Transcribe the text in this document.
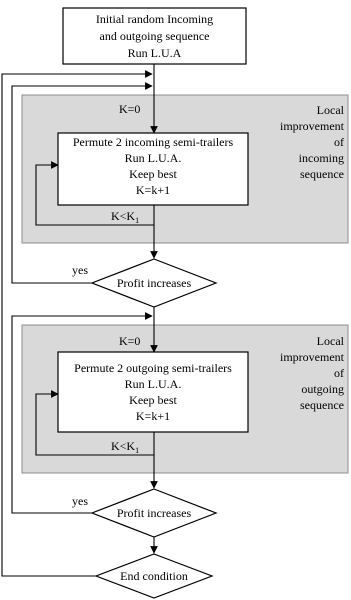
Initial random Incoming
and outgoing sequence
Run L.U.A
K=0
Permute 2 incoming semi-trailers
Run L.U.A.
Keep best
K=k+1
$K<K_1$
Local
improvement
of
incoming
sequence
Profit increases
yes
K=0
Permute 2 outgoing semi-trailers
Run L.U.A.
Keep best
K=k+1
$K<K_1$
Local
improvement
of
outgoing
sequence
Profit increases
yes
End condition
